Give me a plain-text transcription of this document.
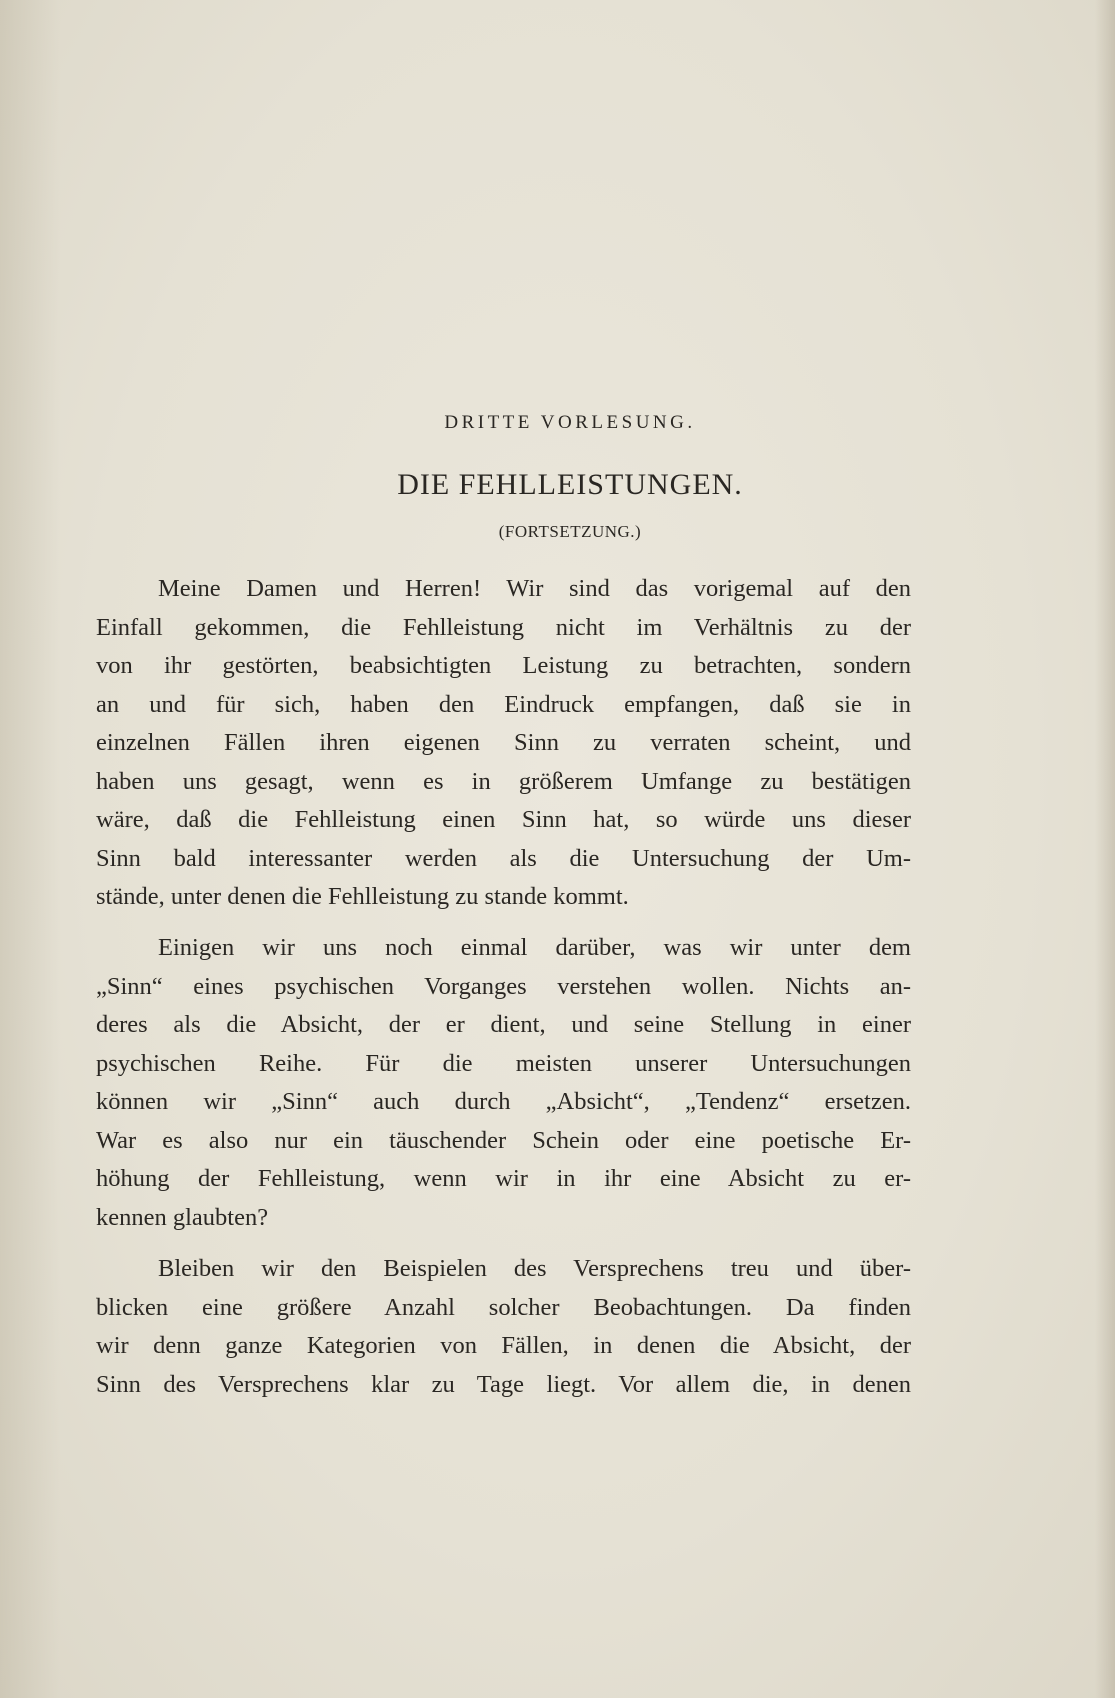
DRITTE VORLESUNG.
DIE FEHLLEISTUNGEN.
(FORTSETZUNG.)
Meine Damen und Herren! Wir sind das vorigemal auf den
Einfall gekommen, die Fehlleistung nicht im Verhältnis zu der
von ihr gestörten, beabsichtigten Leistung zu betrachten, sondern
an und für sich, haben den Eindruck empfangen, daß sie in
einzelnen Fällen ihren eigenen Sinn zu verraten scheint, und
haben uns gesagt, wenn es in größerem Umfange zu bestätigen
wäre, daß die Fehlleistung einen Sinn hat, so würde uns dieser
Sinn bald interessanter werden als die Untersuchung der Um-
stände, unter denen die Fehlleistung zu stande kommt.
Einigen wir uns noch einmal darüber, was wir unter dem
„Sinn“ eines psychischen Vorganges verstehen wollen. Nichts an-
deres als die Absicht, der er dient, und seine Stellung in einer
psychischen Reihe. Für die meisten unserer Untersuchungen
können wir „Sinn“ auch durch „Absicht“, „Tendenz“ ersetzen.
War es also nur ein täuschender Schein oder eine poetische Er-
höhung der Fehlleistung, wenn wir in ihr eine Absicht zu er-
kennen glaubten?
Bleiben wir den Beispielen des Versprechens treu und über-
blicken eine größere Anzahl solcher Beobachtungen. Da finden
wir denn ganze Kategorien von Fällen, in denen die Absicht, der
Sinn des Versprechens klar zu Tage liegt. Vor allem die, in denen
